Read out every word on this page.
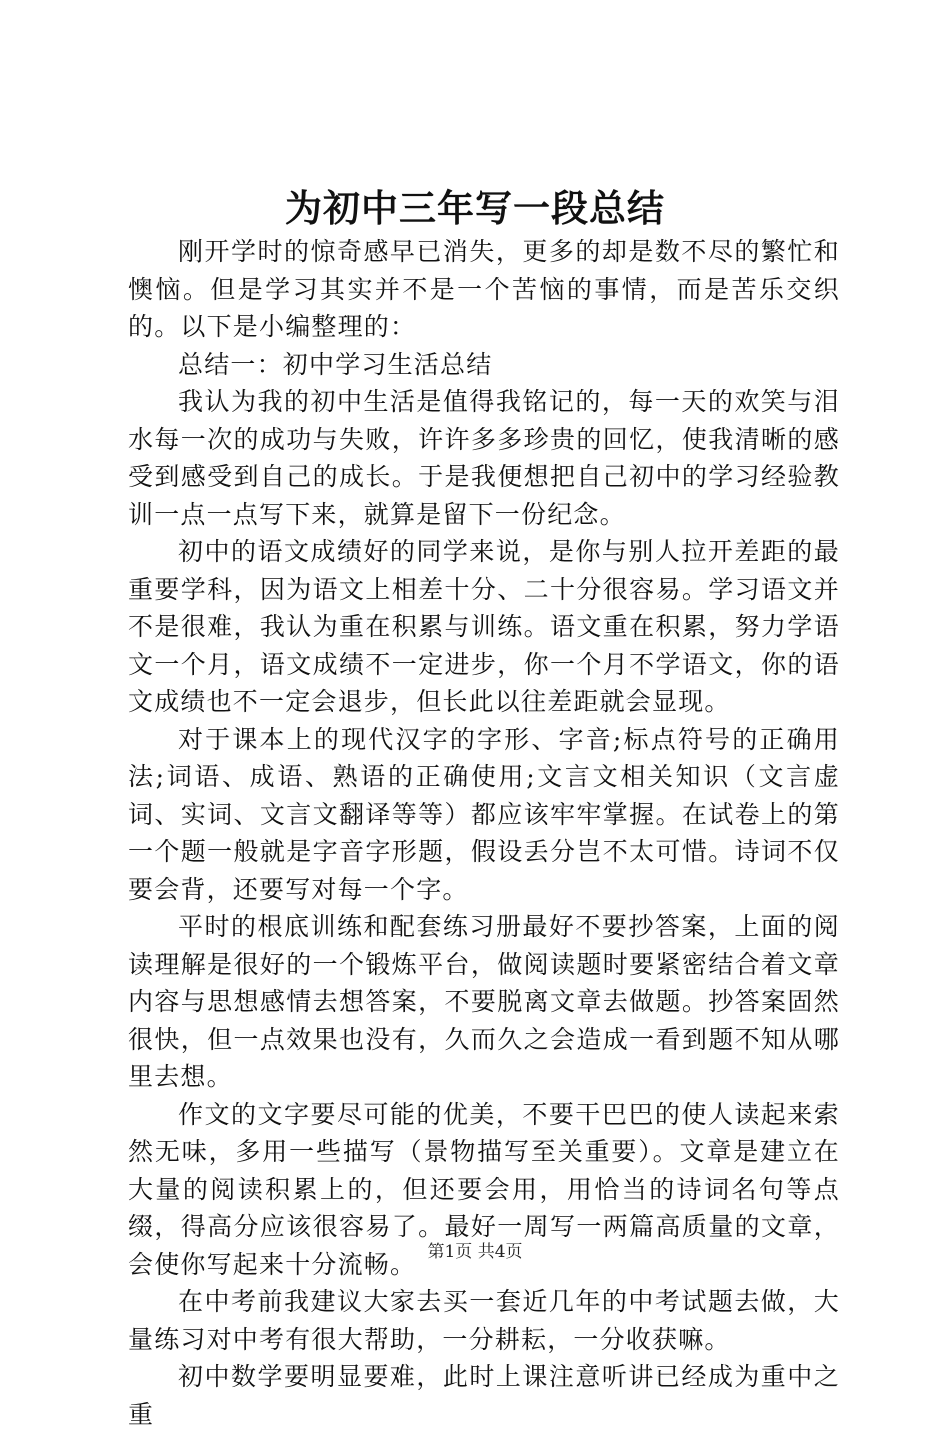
为初中三年写一段总结

刚开学时的惊奇感早已消失，更多的却是数不尽的繁忙和懊恼。但是学习其实并不是一个苦恼的事情，而是苦乐交织的。以下是小编整理的：

总结一：初中学习生活总结

我认为我的初中生活是值得我铭记的，每一天的欢笑与泪水每一次的成功与失败，许许多多珍贵的回忆，使我清晰的感受到感受到自己的成长。于是我便想把自己初中的学习经验教训一点一点写下来，就算是留下一份纪念。

初中的语文成绩好的同学来说，是你与别人拉开差距的最重要学科，因为语文上相差十分、二十分很容易。学习语文并不是很难，我认为重在积累与训练。语文重在积累，努力学语文一个月，语文成绩不一定进步，你一个月不学语文，你的语文成绩也不一定会退步，但长此以往差距就会显现。

对于课本上的现代汉字的字形、字音;标点符号的正确用法;词语、成语、熟语的正确使用;文言文相关知识（文言虚词、实词、文言文翻译等等）都应该牢牢掌握。在试卷上的第一个题一般就是字音字形题，假设丢分岂不太可惜。诗词不仅要会背，还要写对每一个字。

平时的根底训练和配套练习册最好不要抄答案，上面的阅读理解是很好的一个锻炼平台，做阅读题时要紧密结合着文章内容与思想感情去想答案，不要脱离文章去做题。抄答案固然很快，但一点效果也没有，久而久之会造成一看到题不知从哪里去想。

作文的文字要尽可能的优美，不要干巴巴的使人读起来索然无味，多用一些描写（景物描写至关重要）。文章是建立在大量的阅读积累上的，但还要会用，用恰当的诗词名句等点缀，得高分应该很容易了。最好一周写一两篇高质量的文章，会使你写起来十分流畅。

在中考前我建议大家去买一套近几年的中考试题去做，大量练习对中考有很大帮助，一分耕耘，一分收获嘛。

初中数学要明显要难，此时上课注意听讲已经成为重中之重

第1页 共4页
